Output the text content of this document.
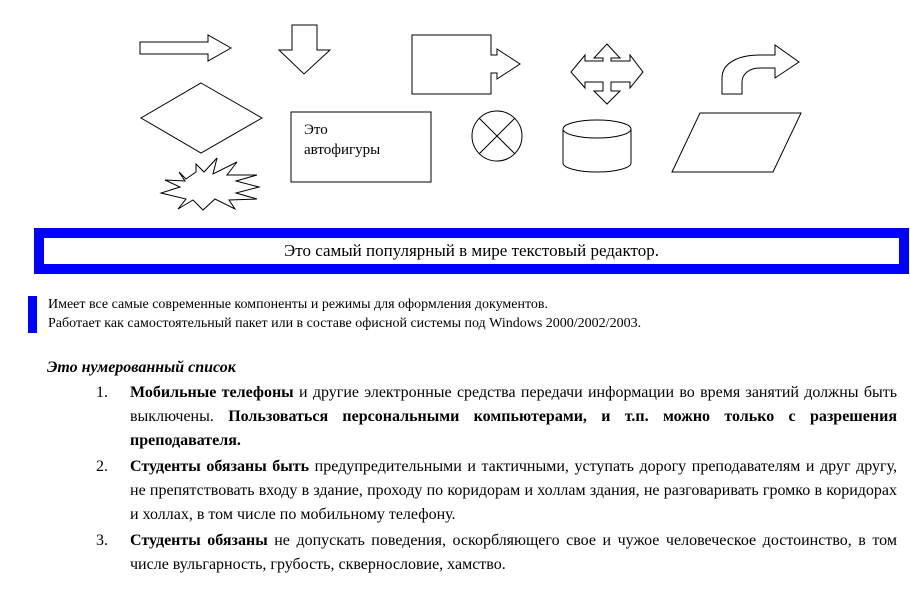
Это
автофигуры
Это самый популярный в мире текстовый редактор.
Имеет все самые современные компоненты и режимы для оформления документов.
Работает как самостоятельный пакет или в составе офисной системы под Windows 2000/2002/2003.
Это нумерованный список
1. Мобильные телефоны и другие электронные средства передачи информации во время занятий должны быть выключены. Пользоваться персональными компьютерами, и т.п. можно только с разрешения преподавателя.
2. Студенты обязаны быть предупредительными и тактичными, уступать дорогу преподавателям и друг другу, не препятствовать входу в здание, проходу по коридорам и холлам здания, не разговаривать громко в коридорах и холлах, в том числе по мобильному телефону.
3. Студенты обязаны не допускать поведения, оскорбляющего свое и чужое человеческое достоинство, в том числе вульгарность, грубость, сквернословие, хамство.
